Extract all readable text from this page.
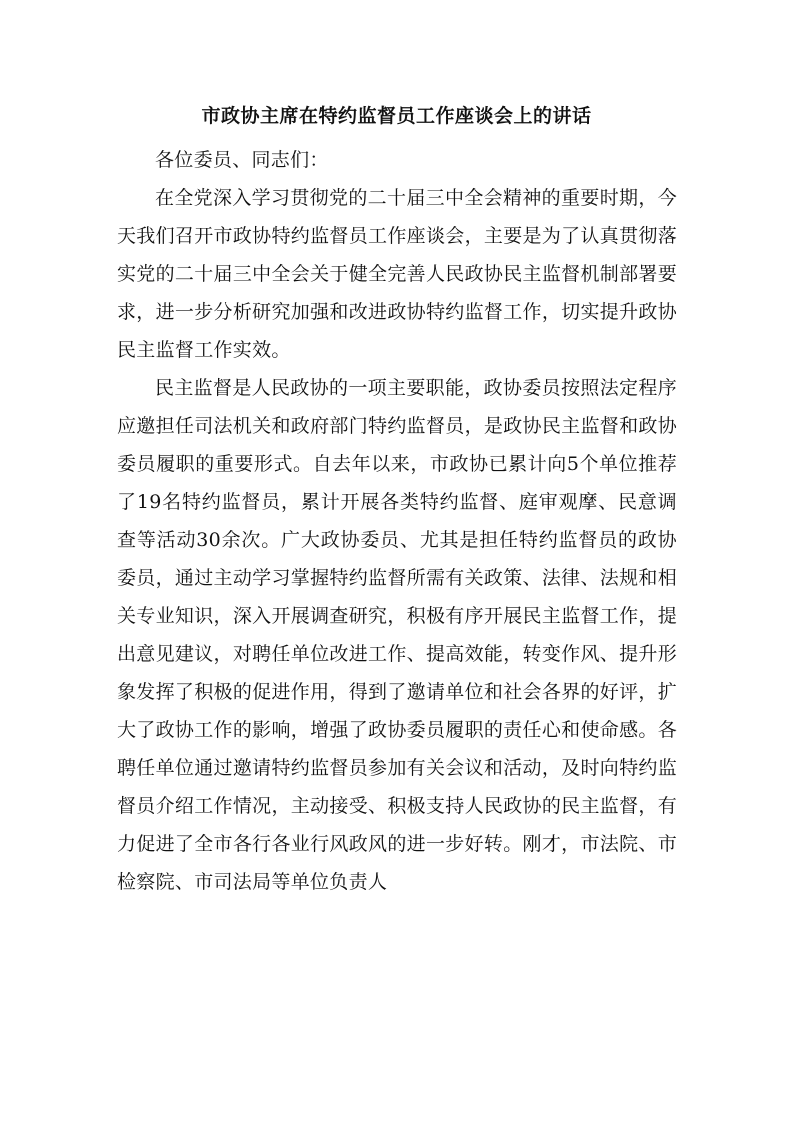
市政协主席在特约监督员工作座谈会上的讲话

各位委员、同志们：

在全党深入学习贯彻党的二十届三中全会精神的重要时期，今天我们召开市政协特约监督员工作座谈会，主要是为了认真贯彻落实党的二十届三中全会关于健全完善人民政协民主监督机制部署要求，进一步分析研究加强和改进政协特约监督工作，切实提升政协民主监督工作实效。

民主监督是人民政协的一项主要职能，政协委员按照法定程序应邀担任司法机关和政府部门特约监督员，是政协民主监督和政协委员履职的重要形式。自去年以来，市政协已累计向5个单位推荐了19名特约监督员，累计开展各类特约监督、庭审观摩、民意调查等活动30余次。广大政协委员、尤其是担任特约监督员的政协委员，通过主动学习掌握特约监督所需有关政策、法律、法规和相关专业知识，深入开展调查研究，积极有序开展民主监督工作，提出意见建议，对聘任单位改进工作、提高效能，转变作风、提升形象发挥了积极的促进作用，得到了邀请单位和社会各界的好评，扩大了政协工作的影响，增强了政协委员履职的责任心和使命感。各聘任单位通过邀请特约监督员参加有关会议和活动，及时向特约监督员介绍工作情况，主动接受、积极支持人民政协的民主监督，有力促进了全市各行各业行风政风的进一步好转。刚才，市法院、市检察院、市司法局等单位负责人
